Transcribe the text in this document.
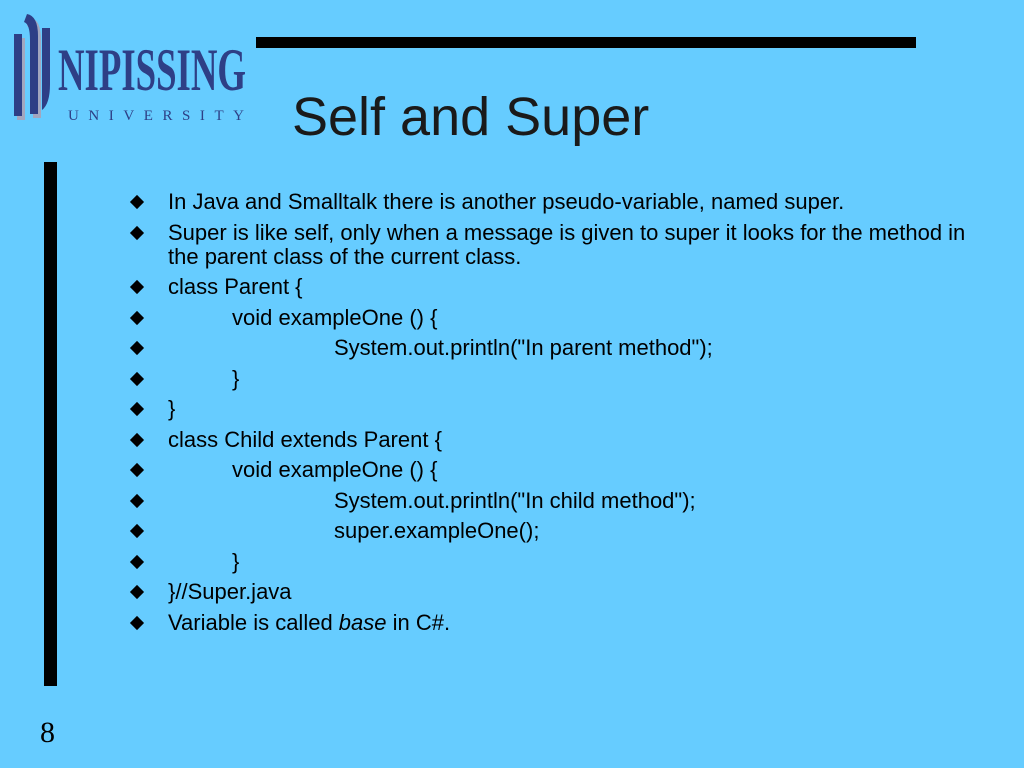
NIPISSING
UNIVERSITY Self and Super
In Java and Smalltalk there is another pseudo-variable, named super.
Super is like self, only when a message is given to super it looks for the method in the parent class of the current class.
class Parent {
void exampleOne () {
System.out.println("In parent method");
}
}
class Child extends Parent {
void exampleOne () {
System.out.println("In child method");
super.exampleOne();
}
}//Super.java
Variable is called base in C#.
8
